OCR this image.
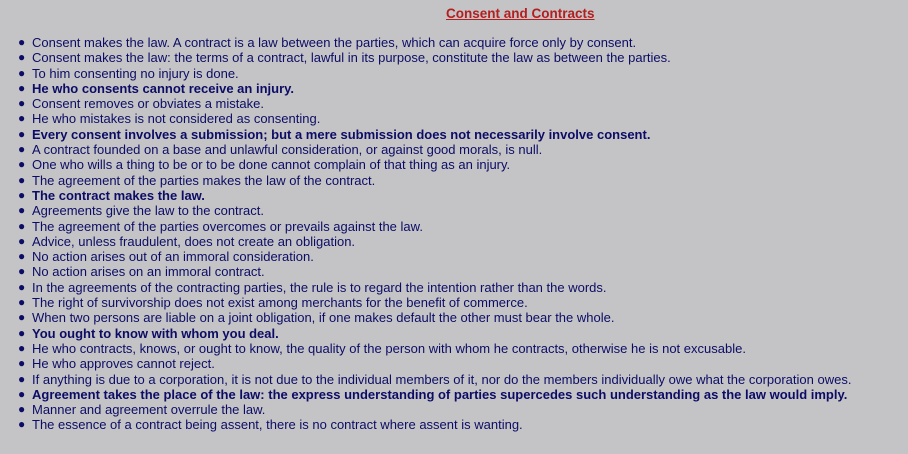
Consent and Contracts
● Consent makes the law. A contract is a law between the parties, which can acquire force only by consent.
● Consent makes the law: the terms of a contract, lawful in its purpose, constitute the law as between the parties.
● To him consenting no injury is done.
● He who consents cannot receive an injury.
● Consent removes or obviates a mistake.
● He who mistakes is not considered as consenting.
● Every consent involves a submission; but a mere submission does not necessarily involve consent.
● A contract founded on a base and unlawful consideration, or against good morals, is null.
● One who wills a thing to be or to be done cannot complain of that thing as an injury.
● The agreement of the parties makes the law of the contract.
● The contract makes the law.
● Agreements give the law to the contract.
● The agreement of the parties overcomes or prevails against the law.
● Advice, unless fraudulent, does not create an obligation.
● No action arises out of an immoral consideration.
● No action arises on an immoral contract.
● In the agreements of the contracting parties, the rule is to regard the intention rather than the words.
● The right of survivorship does not exist among merchants for the benefit of commerce.
● When two persons are liable on a joint obligation, if one makes default the other must bear the whole.
● You ought to know with whom you deal.
● He who contracts, knows, or ought to know, the quality of the person with whom he contracts, otherwise he is not excusable.
● He who approves cannot reject.
● If anything is due to a corporation, it is not due to the individual members of it, nor do the members individually owe what the corporation owes.
● Agreement takes the place of the law: the express understanding of parties supercedes such understanding as the law would imply.
● Manner and agreement overrule the law.
● The essence of a contract being assent, there is no contract where assent is wanting.
